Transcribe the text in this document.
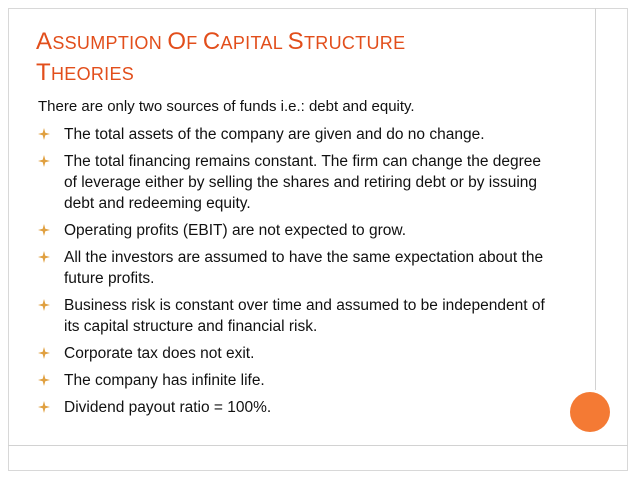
ASSUMPTION OF CAPITAL STRUCTURE
THEORIES
There are only two sources of funds i.e.: debt and equity.
The total assets of the company are given and do no change.
The total financing remains constant. The firm can change the degree of leverage either by selling the shares and retiring debt or by issuing debt and redeeming equity.
Operating profits (EBIT) are not expected to grow.
All the investors are assumed to have the same expectation about the future profits.
Business risk is constant over time and assumed to be independent of its capital structure and financial risk.
Corporate tax does not exit.
The company has infinite life.
Dividend payout ratio = 100%.
